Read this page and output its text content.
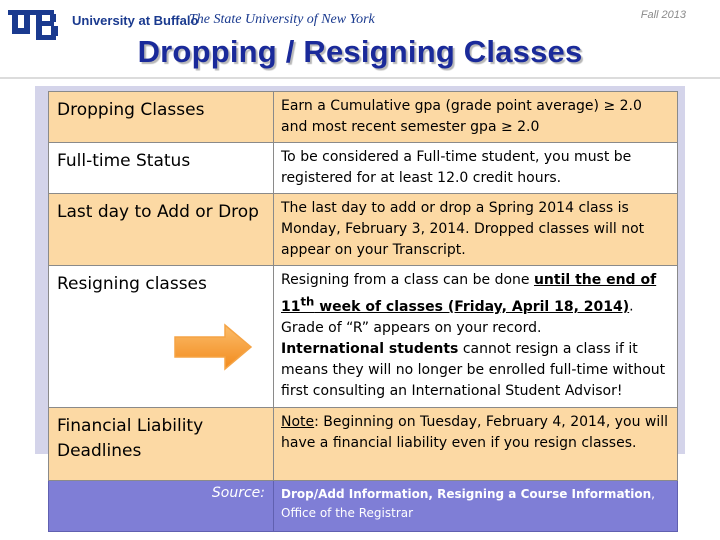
University at Buffalo
The State University of New York	Fall 2013
Dropping / Resigning Classes
Dropping Classes	Earn a Cumulative gpa (grade point average) ≥ 2.0 and most recent semester gpa ≥ 2.0
Full-time Status	To be considered a Full-time student, you must be registered for at least 12.0 credit hours.
Last day to Add or Drop	The last day to add or drop a Spring 2014 class is Monday, February 3, 2014. Dropped classes will not appear on your Transcript.
Resigning classes	Resigning from a class can be done until the end of 11th week of classes (Friday, April 18, 2014). Grade of “R” appears on your record.
International students cannot resign a class if it means they will no longer be enrolled full-time without first consulting an International Student Advisor!
Financial Liability Deadlines	Note: Beginning on Tuesday, February 4, 2014, you will have a financial liability even if you resign classes.
Source:	Drop/Add Information, Resigning a Course Information,
Office of the Registrar
